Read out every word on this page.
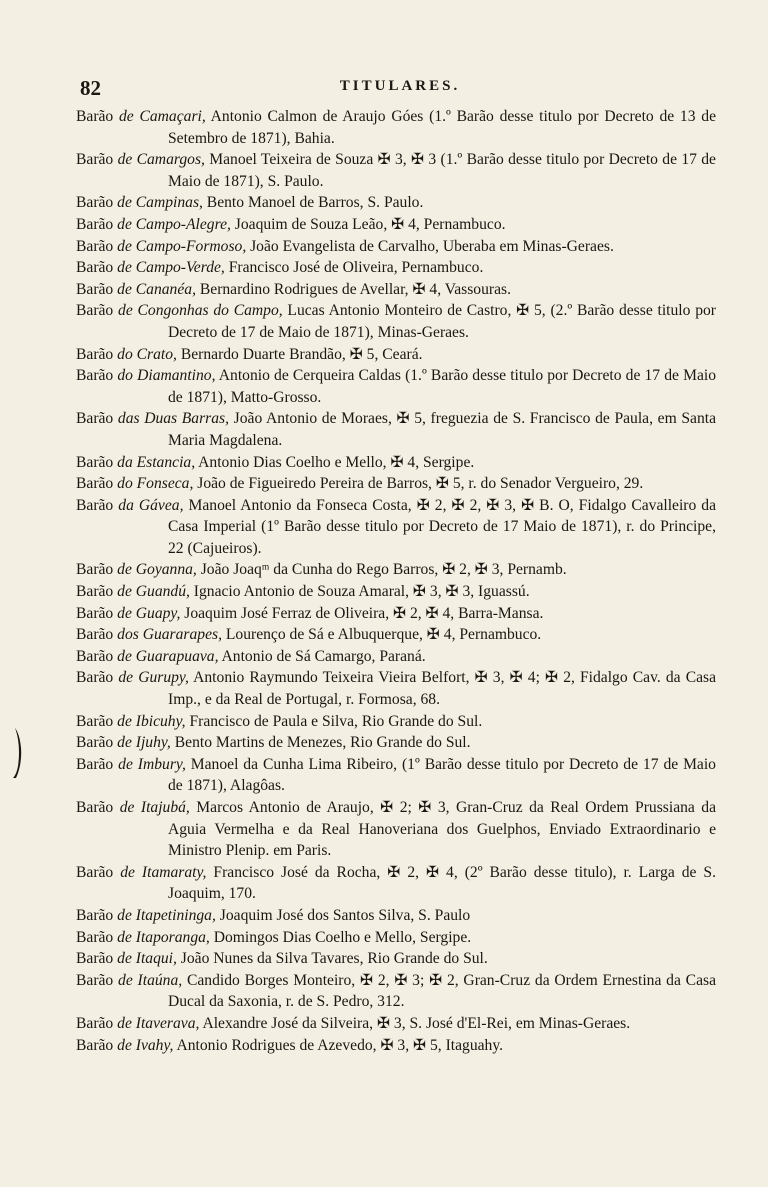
82	TITULARES.
Barão de Camaçari, Antonio Calmon de Araujo Góes (1.º Barão desse titulo por Decreto de 13 de Setembro de 1871), Bahia.
Barão de Camargos, Manoel Teixeira de Souza ✠ 3, ✠ 3 (1.º Barão desse titulo por Decreto de 17 de Maio de 1871), S. Paulo.
Barão de Campinas, Bento Manoel de Barros, S. Paulo.
Barão de Campo-Alegre, Joaquim de Souza Leão, ✠ 4, Pernambuco.
Barão de Campo-Formoso, João Evangelista de Carvalho, Uberaba em Minas-Geraes.
Barão de Campo-Verde, Francisco José de Oliveira, Pernambuco.
Barão de Cananéa, Bernardino Rodrigues de Avellar, ✠ 4, Vassouras.
Barão de Congonhas do Campo, Lucas Antonio Monteiro de Castro, ✠ 5, (2.º Barão desse titulo por Decreto de 17 de Maio de 1871), Minas-Geraes.
Barão do Crato, Bernardo Duarte Brandão, ✠ 5, Ceará.
Barão do Diamantino, Antonio de Cerqueira Caldas (1.º Barão desse titulo por Decreto de 17 de Maio de 1871), Matto-Grosso.
Barão das Duas Barras, João Antonio de Moraes, ✠ 5, freguezia de S. Francisco de Paula, em Santa Maria Magdalena.
Barão da Estancia, Antonio Dias Coelho e Mello, ✠ 4, Sergipe.
Barão do Fonseca, João de Figueiredo Pereira de Barros, ✠ 5, r. do Senador Vergueiro, 29.
Barão da Gávea, Manoel Antonio da Fonseca Costa, ✠ 2, ✠ 2, ✠ 3, ✠ B. O, Fidalgo Cavalleiro da Casa Imperial (1º Barão desse titulo por Decreto de 17 Maio de 1871), r. do Principe, 22 (Cajueiros).
Barão de Goyanna, João Joaqᵐ da Cunha do Rego Barros, ✠ 2, ✠ 3, Pernamb.
Barão de Guandú, Ignacio Antonio de Souza Amaral, ✠ 3, ✠ 3, Iguassú.
Barão de Guapy, Joaquim José Ferraz de Oliveira, ✠ 2, ✠ 4, Barra-Mansa.
Barão dos Guararapes, Lourenço de Sá e Albuquerque, ✠ 4, Pernambuco.
Barão de Guarapuava, Antonio de Sá Camargo, Paraná.
Barão de Gurupy, Antonio Raymundo Teixeira Vieira Belfort, ✠ 3, ✠ 4; ✠ 2, Fidalgo Cav. da Casa Imp., e da Real de Portugal, r. Formosa, 68.
Barão de Ibicuhy, Francisco de Paula e Silva, Rio Grande do Sul.
Barão de Ijuhy, Bento Martins de Menezes, Rio Grande do Sul.
Barão de Imbury, Manoel da Cunha Lima Ribeiro, (1º Barão desse titulo por Decreto de 17 de Maio de 1871), Alagôas.
Barão de Itajubá, Marcos Antonio de Araujo, ✠ 2; ✠ 3, Gran-Cruz da Real Ordem Prussiana da Aguia Vermelha e da Real Hanoveriana dos Guelphos, Enviado Extraordinario e Ministro Plenip. em Paris.
Barão de Itamaraty, Francisco José da Rocha, ✠ 2, ✠ 4, (2º Barão desse titulo), r. Larga de S. Joaquim, 170.
Barão de Itapetininga, Joaquim José dos Santos Silva, S. Paulo
Barão de Itaporanga, Domingos Dias Coelho e Mello, Sergipe.
Barão de Itaqui, João Nunes da Silva Tavares, Rio Grande do Sul.
Barão de Itaúna, Candido Borges Monteiro, ✠ 2, ✠ 3; ✠ 2, Gran-Cruz da Ordem Ernestina da Casa Ducal da Saxonia, r. de S. Pedro, 312.
Barão de Itaverava, Alexandre José da Silveira, ✠ 3, S. José d'El-Rei, em Minas-Geraes.
Barão de Ivahy, Antonio Rodrigues de Azevedo, ✠ 3, ✠ 5, Itaguahy.
